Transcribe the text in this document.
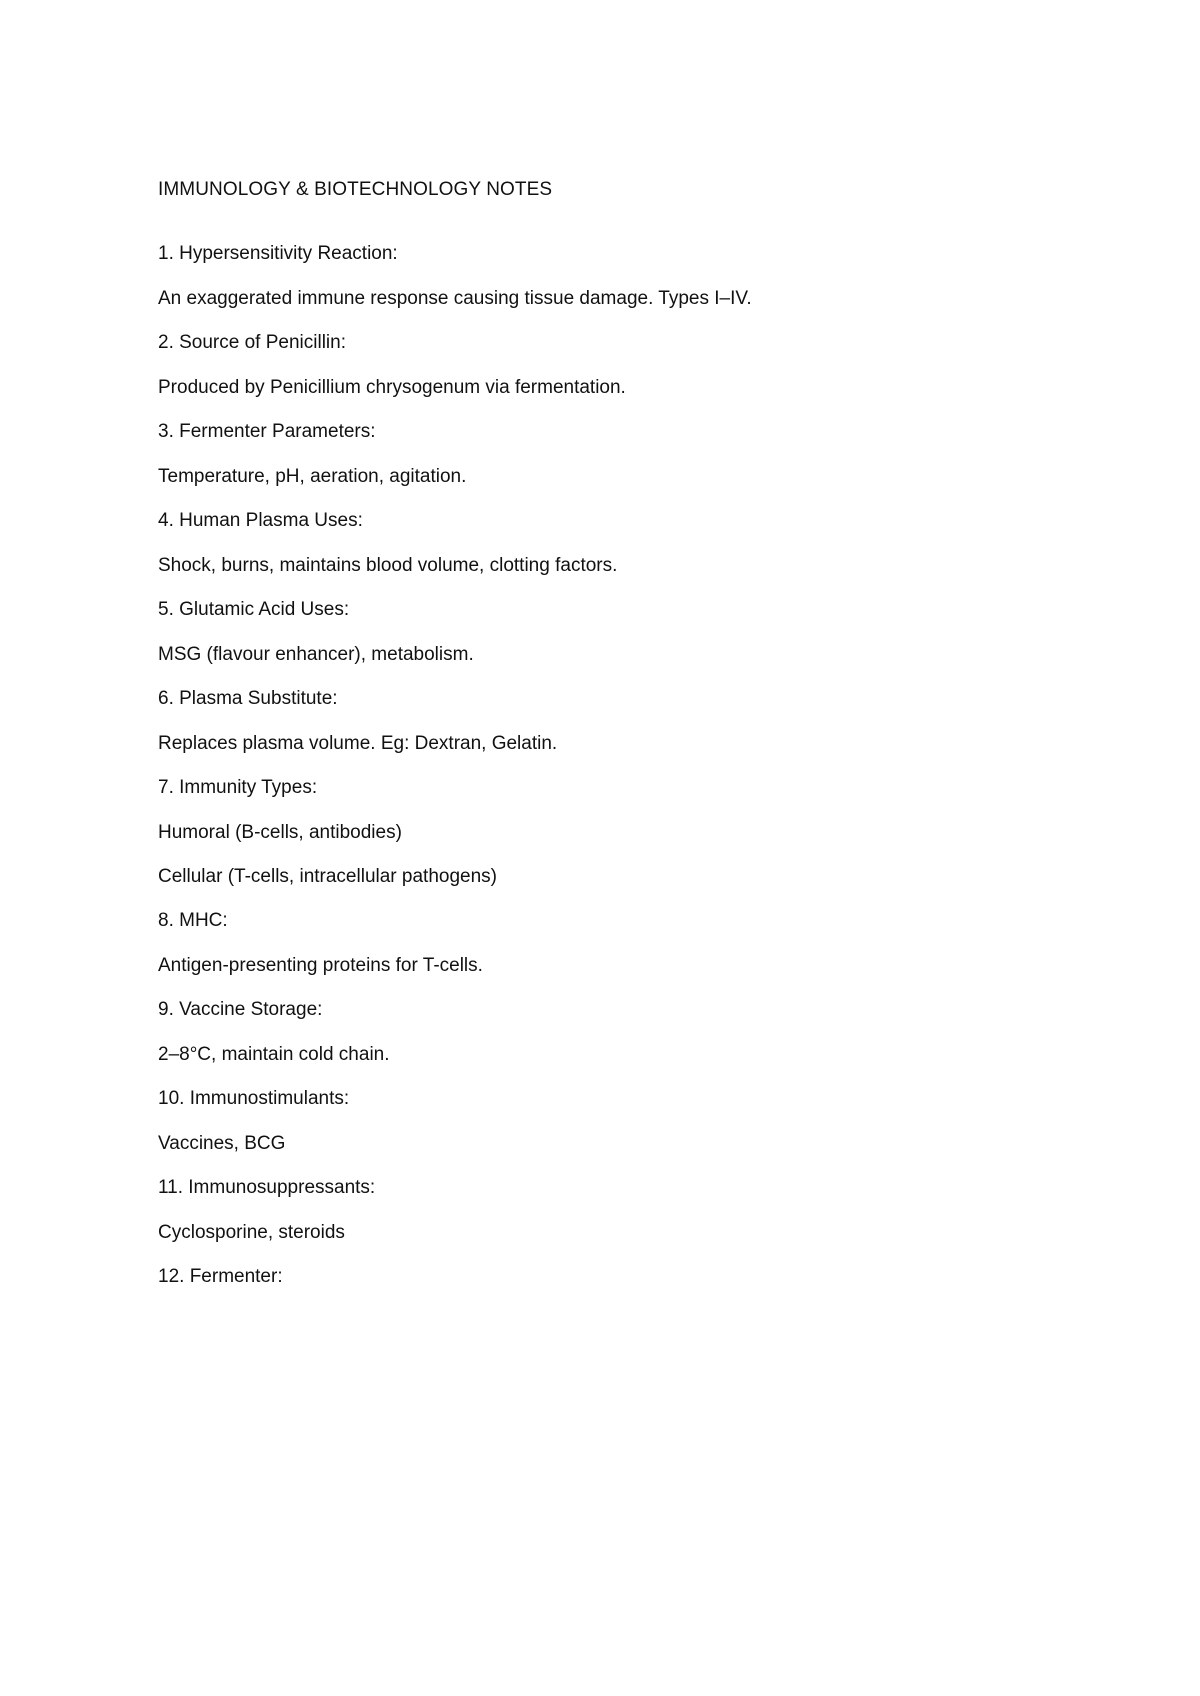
IMMUNOLOGY & BIOTECHNOLOGY NOTES
1. Hypersensitivity Reaction:
An exaggerated immune response causing tissue damage. Types I–IV.
2. Source of Penicillin:
Produced by Penicillium chrysogenum via fermentation.
3. Fermenter Parameters:
Temperature, pH, aeration, agitation.
4. Human Plasma Uses:
Shock, burns, maintains blood volume, clotting factors.
5. Glutamic Acid Uses:
MSG (flavour enhancer), metabolism.
6. Plasma Substitute:
Replaces plasma volume. Eg: Dextran, Gelatin.
7. Immunity Types:
Humoral (B-cells, antibodies)
Cellular (T-cells, intracellular pathogens)
8. MHC:
Antigen-presenting proteins for T-cells.
9. Vaccine Storage:
2–8°C, maintain cold chain.
10. Immunostimulants:
Vaccines, BCG
11. Immunosuppressants:
Cyclosporine, steroids
12. Fermenter:
